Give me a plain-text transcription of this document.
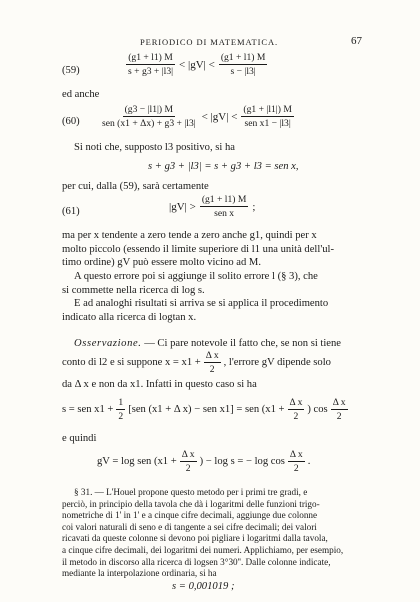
PERIODICO DI MATEMATICA.	67
(59)	$\frac{(g1 + l1) M}{s + g3 + |l3|} < |gV| < \frac{(g1 + l1) M}{s - |l3|}$
ed anche
$(60) \frac{(g3 - |l1|) M}{\text{sen (x1 + Δx) + g3 + |l3|}} < |gV| < \frac{(g1 + |l1|) M}{\text{sen x1 − |l3|}}$
Si noti che, supposto l3 positivo, si ha
s + g3 + |l3| = s + g3 + l3 = sen x,
per cui, dalla (59), sarà certamente
(61)	$|gV| > \frac{(g1 + l1) M}{\text{sen x}}$ ;
ma per x tendente a zero tende a zero anche g1, quindi per x
molto piccolo (essendo il limite superiore di l1 una unità dell'ul-
timo ordine) gV può essere molto vicino ad M.
A questo errore poi si aggiunge il solito errore l (§ 3), che
si commette nella ricerca di log s.
E ad analoghi risultati si arriva se si applica il procedimento
indicato alla ricerca di logtan x.
Osservazione. — Ci pare notevole il fatto che, se non si tiene
conto di l2 e si suppone $x = x1 + \frac{\text{Δ x}}{2}$ , l'errore gV dipende solo
da Δ x e non da x1. Infatti in questo caso si ha
s = sen $x1 + \frac{1}{2} [sen$ (x1 + Δ x) − sen x1] = sen ($x1 + \frac{\text{Δ x}}{2}$ ) $\cos \frac{\text{Δ x}}{2}$
e quindi
gV = log sen ($x1 + \frac{\text{Δ x}}{2}$ ) − log s = − $\log \cos \frac{\text{Δ x}}{2}$ .
§ 31. — L'Houel propone questo metodo per i primi tre gradi, e
perciò, in principio della tavola che dà i logaritmi delle funzioni trigo-
nometriche di 1' in 1' e a cinque cifre decimali, aggiunge due colonne
coi valori naturali di seno e di tangente a sei cifre decimali; dei valori
ricavati da queste colonne si devono poi pigliare i logaritmi dalla tavola,
a cinque cifre decimali, dei logaritmi dei numeri. Applichiamo, per esempio,
il metodo in discorso alla ricerca di logsen 3°30''. Dalle colonne indicate,
mediante la interpolazione ordinaria, si ha
s = 0,001019 ;
